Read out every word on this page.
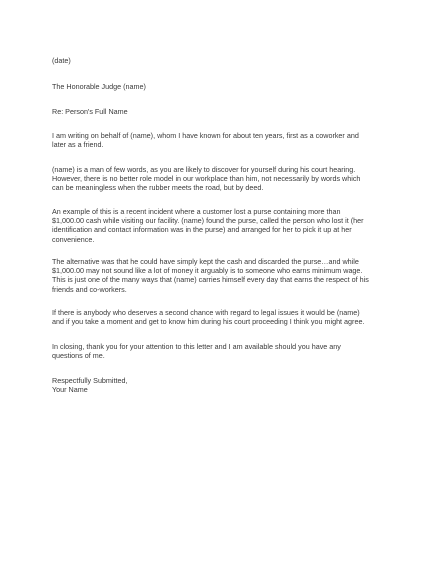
(date)
The Honorable Judge (name)
Re: Person's Full Name
I am writing on behalf of (name), whom I have known for about ten years, first as a coworker and
later as a friend.
(name) is a man of few words, as you are likely to discover for yourself during his court hearing.
However, there is no better role model in our workplace than him, not necessarily by words which
can be meaningless when the rubber meets the road, but by deed.
An example of this is a recent incident where a customer lost a purse containing more than
$1,000.00 cash while visiting our facility. (name) found the purse, called the person who lost it (her
identification and contact information was in the purse) and arranged for her to pick it up at her
convenience.
The alternative was that he could have simply kept the cash and discarded the purse…and while
$1,000.00 may not sound like a lot of money it arguably is to someone who earns minimum wage.
This is just one of the many ways that (name) carries himself every day that earns the respect of his
friends and co-workers.
If there is anybody who deserves a second chance with regard to legal issues it would be (name)
and if you take a moment and get to know him during his court proceeding I think you might agree.
In closing, thank you for your attention to this letter and I am available should you have any
questions of me.
Respectfully Submitted,
Your Name
